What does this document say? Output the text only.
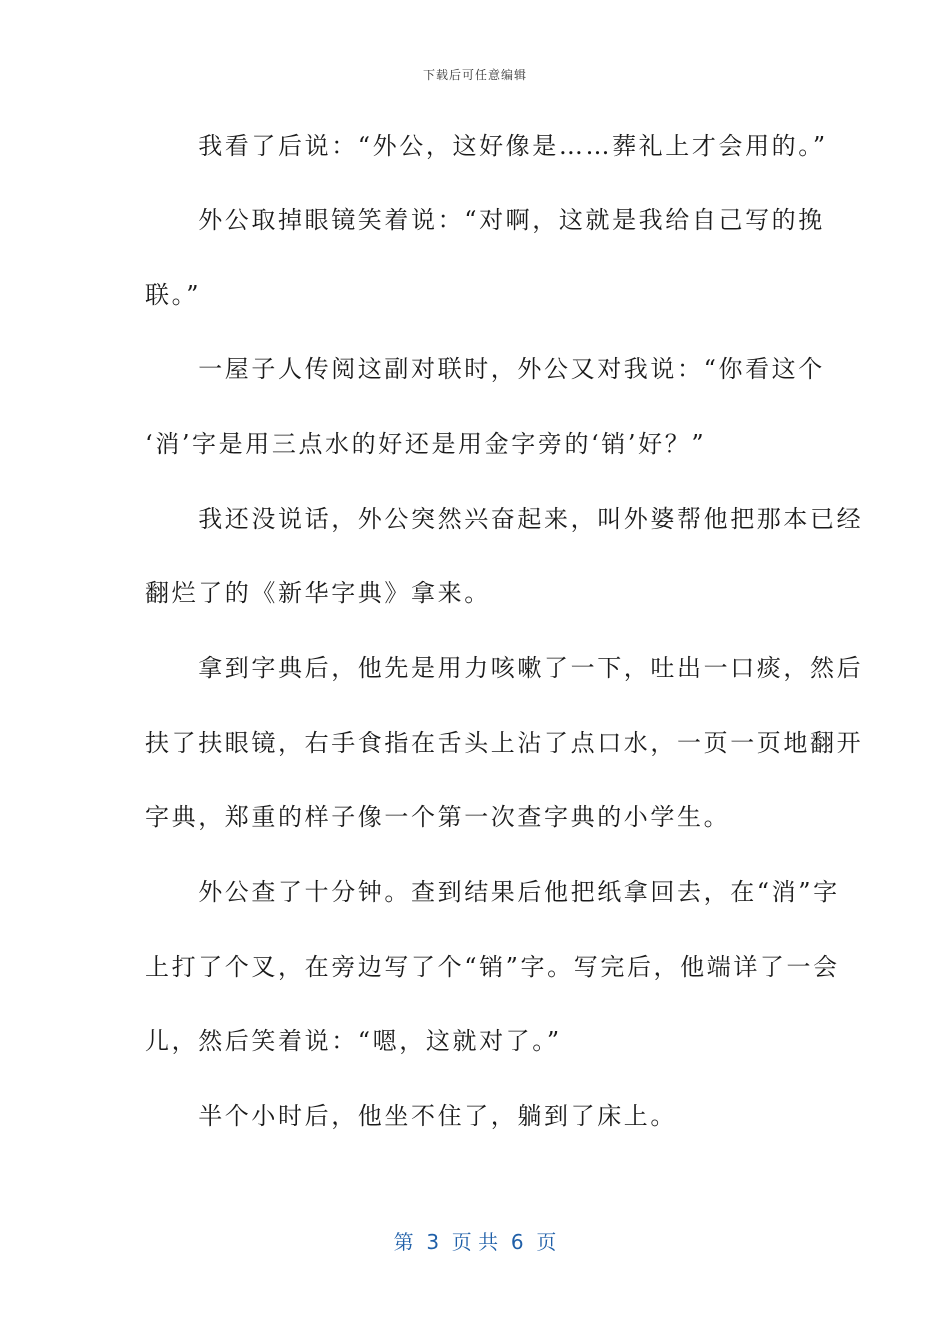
下载后可任意编辑
　　我看了后说：“外公，这好像是……葬礼上才会用的。”
　　外公取掉眼镜笑着说：“对啊，这就是我给自己写的挽
联。”
　　一屋子人传阅这副对联时，外公又对我说：“你看这个
‘消’字是用三点水的好还是用金字旁的‘销’好？”
　　我还没说话，外公突然兴奋起来，叫外婆帮他把那本已经
翻烂了的《新华字典》拿来。
　　拿到字典后，他先是用力咳嗽了一下，吐出一口痰，然后
扶了扶眼镜，右手食指在舌头上沾了点口水，一页一页地翻开
字典，郑重的样子像一个第一次查字典的小学生。
　　外公查了十分钟。查到结果后他把纸拿回去，在“消”字
上打了个叉，在旁边写了个“销”字。写完后，他端详了一会
儿，然后笑着说：“嗯，这就对了。”
　　半个小时后，他坐不住了，躺到了床上。
第  3  页 共  6  页
